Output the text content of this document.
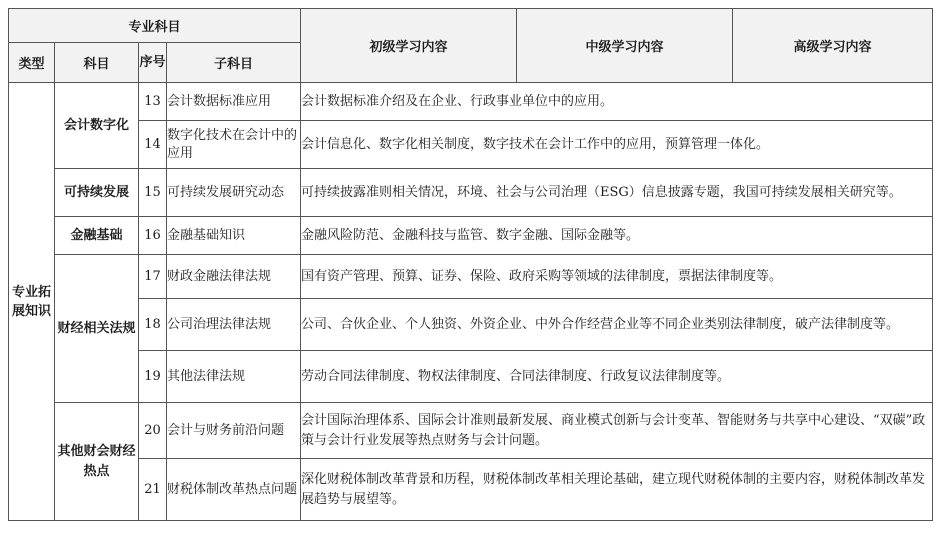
专业科目				初级学习内容	中级学习内容	高级学习内容
类型	科目	序号	子科目			
专业拓展知识	会计数字化	13	会计数据标准应用	会计数据标准介绍及在企业、行政事业单位中的应用。		
		14	数字化技术在会计中的应用	会计信息化、数字化相关制度，数字技术在会计工作中的应用，预算管理一体化。		
	可持续发展	15	可持续发展研究动态	可持续披露准则相关情况，环境、社会与公司治理（ESG）信息披露专题，我国可持续发展相关研究等。		
	金融基础	16	金融基础知识	金融风险防范、金融科技与监管、数字金融、国际金融等。		
	财经相关法规	17	财政金融法律法规	国有资产管理、预算、证券、保险、政府采购等领域的法律制度，票据法律制度等。		
		18	公司治理法律法规	公司、合伙企业、个人独资、外资企业、中外合作经营企业等不同企业类别法律制度，破产法律制度等。		
		19	其他法律法规	劳动合同法律制度、物权法律制度、合同法律制度、行政复议法律制度等。		
	其他财会财经热点	20	会计与财务前沿问题	会计国际治理体系、国际会计准则最新发展、商业模式创新与会计变革、智能财务与共享中心建设、“双碳”政策与会计行业发展等热点财务与会计问题。		
		21	财税体制改革热点问题	深化财税体制改革背景和历程，财税体制改革相关理论基础，建立现代财税体制的主要内容，财税体制改革发展趋势与展望等。		
